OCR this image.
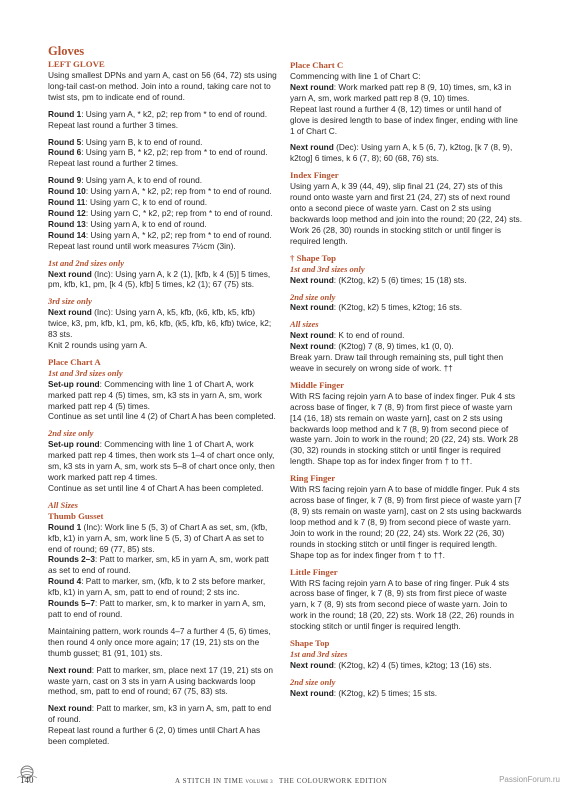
Gloves
LEFT GLOVE

Using smallest DPNs and yarn A, cast on 56 (64, 72) sts using long-tail cast-on method. Join into a round, taking care not to twist sts, pm to indicate end of round.

Round 1: Using yarn A, * k2, p2; rep from * to end of round.

Repeat last round a further 3 times.

Round 5: Using yarn B, k to end of round.

Round 6: Using yarn B, * k2, p2; rep from * to end of round.

Repeat last round a further 2 times.

Round 9: Using yarn A, k to end of round.

Round 10: Using yarn A, * k2, p2; rep from * to end of round.

Round 11: Using yarn C, k to end of round.

Round 12: Using yarn C, * k2, p2; rep from * to end of round.

Round 13: Using yarn A, k to end of round.

Round 14: Using yarn A, * k2, p2; rep from * to end of round.

Repeat last round until work measures 7½cm (3in).

1st and 2nd sizes only

Next round (Inc): Using yarn A, k 2 (1), [kfb, k 4 (5)] 5 times, pm, kfb, k1, pm, [k 4 (5), kfb] 5 times, k2 (1); 67 (75) sts.

3rd size only

Next round (Inc): Using yarn A, k5, kfb, (k6, kfb, k5, kfb) twice, k3, pm, kfb, k1, pm, k6, kfb, (k5, kfb, k6, kfb) twice, k2; 83 sts.

Knit 2 rounds using yarn A.

Place Chart A
1st and 3rd sizes only

Set-up round: Commencing with line 1 of Chart A, work marked patt rep 4 (5) times, sm, k3 sts in yarn A, sm, work marked patt rep 4 (5) times.

Continue as set until line 4 (2) of Chart A has been completed.

2nd size only

Set-up round: Commencing with line 1 of Chart A, work marked patt rep 4 times, then work sts 1–4 of chart once only, sm, k3 sts in yarn A, sm, work sts 5–8 of chart once only, then work marked patt rep 4 times.

Continue as set until line 4 of Chart A has been completed.

All Sizes
Thumb Gusset

Round 1 (Inc): Work line 5 (5, 3) of Chart A as set, sm, (kfb, kfb, k1) in yarn A, sm, work line 5 (5, 3) of Chart A as set to end of round; 69 (77, 85) sts.

Rounds 2–3: Patt to marker, sm, k5 in yarn A, sm, work patt as set to end of round.

Round 4: Patt to marker, sm, (kfb, k to 2 sts before marker, kfb, k1) in yarn A, sm, patt to end of round; 2 sts inc.

Rounds 5–7: Patt to marker, sm, k to marker in yarn A, sm, patt to end of round.

Maintaining pattern, work rounds 4–7 a further 4 (5, 6) times, then round 4 only once more again; 17 (19, 21) sts on the thumb gusset; 81 (91, 101) sts.

Next round: Patt to marker, sm, place next 17 (19, 21) sts on waste yarn, cast on 3 sts in yarn A using backwards loop method, sm, patt to end of round; 67 (75, 83) sts.

Next round: Patt to marker, sm, k3 in yarn A, sm, patt to end of round.

Repeat last round a further 6 (2, 0) times until Chart A has been completed.

Place Chart C

Commencing with line 1 of Chart C:

Next round: Work marked patt rep 8 (9, 10) times, sm, k3 in yarn A, sm, work marked patt rep 8 (9, 10) times.

Repeat last round a further 4 (8, 12) times or until hand of glove is desired length to base of index finger, ending with line 1 of Chart C.

Next round (Dec): Using yarn A, k 5 (6, 7), k2tog, [k 7 (8, 9), k2tog] 6 times, k 6 (7, 8); 60 (68, 76) sts.

Index Finger

Using yarn A, k 39 (44, 49), slip final 21 (24, 27) sts of this round onto waste yarn and first 21 (24, 27) sts of next round onto a second piece of waste yarn. Cast on 2 sts using backwards loop method and join into the round; 20 (22, 24) sts. Work 26 (28, 30) rounds in stocking stitch or until finger is required length.

† Shape Top
1st and 3rd sizes only

Next round: (K2tog, k2) 5 (6) times; 15 (18) sts.

2nd size only

Next round: (K2tog, k2) 5 times, k2tog; 16 sts.

All sizes

Next round: K to end of round.

Next round: (K2tog) 7 (8, 9) times, k1 (0, 0).

Break yarn. Draw tail through remaining sts, pull tight then weave in securely on wrong side of work. ††

Middle Finger

With RS facing rejoin yarn A to base of index finger. Puk 4 sts across base of finger, k 7 (8, 9) from first piece of waste yarn [14 (16, 18) sts remain on waste yarn], cast on 2 sts using backwards loop method and k 7 (8, 9) from second piece of waste yarn. Join to work in the round; 20 (22, 24) sts. Work 28 (30, 32) rounds in stocking stitch or until finger is required length. Shape top as for index finger from † to ††.

Ring Finger

With RS facing rejoin yarn A to base of middle finger. Puk 4 sts across base of finger, k 7 (8, 9) from first piece of waste yarn [7 (8, 9) sts remain on waste yarn], cast on 2 sts using backwards loop method and k 7 (8, 9) from second piece of waste yarn. Join to work in the round; 20 (22, 24) sts. Work 22 (26, 30) rounds in stocking stitch or until finger is required length. Shape top as for index finger from † to ††.

Little Finger

With RS facing rejoin yarn A to base of ring finger. Puk 4 sts across base of finger, k 7 (8, 9) sts from first piece of waste yarn, k 7 (8, 9) sts from second piece of waste yarn. Join to work in the round; 18 (20, 22) sts. Work 18 (22, 26) rounds in stocking stitch or until finger is required length.

Shape Top
1st and 3rd sizes

Next round: (K2tog, k2) 4 (5) times, k2tog; 13 (16) sts.

2nd size only

Next round: (K2tog, k2) 5 times; 15 sts.

140	A STITCH IN TIME VOLUME 3 THE COLOURWORK EDITION	PassionForum.ru
